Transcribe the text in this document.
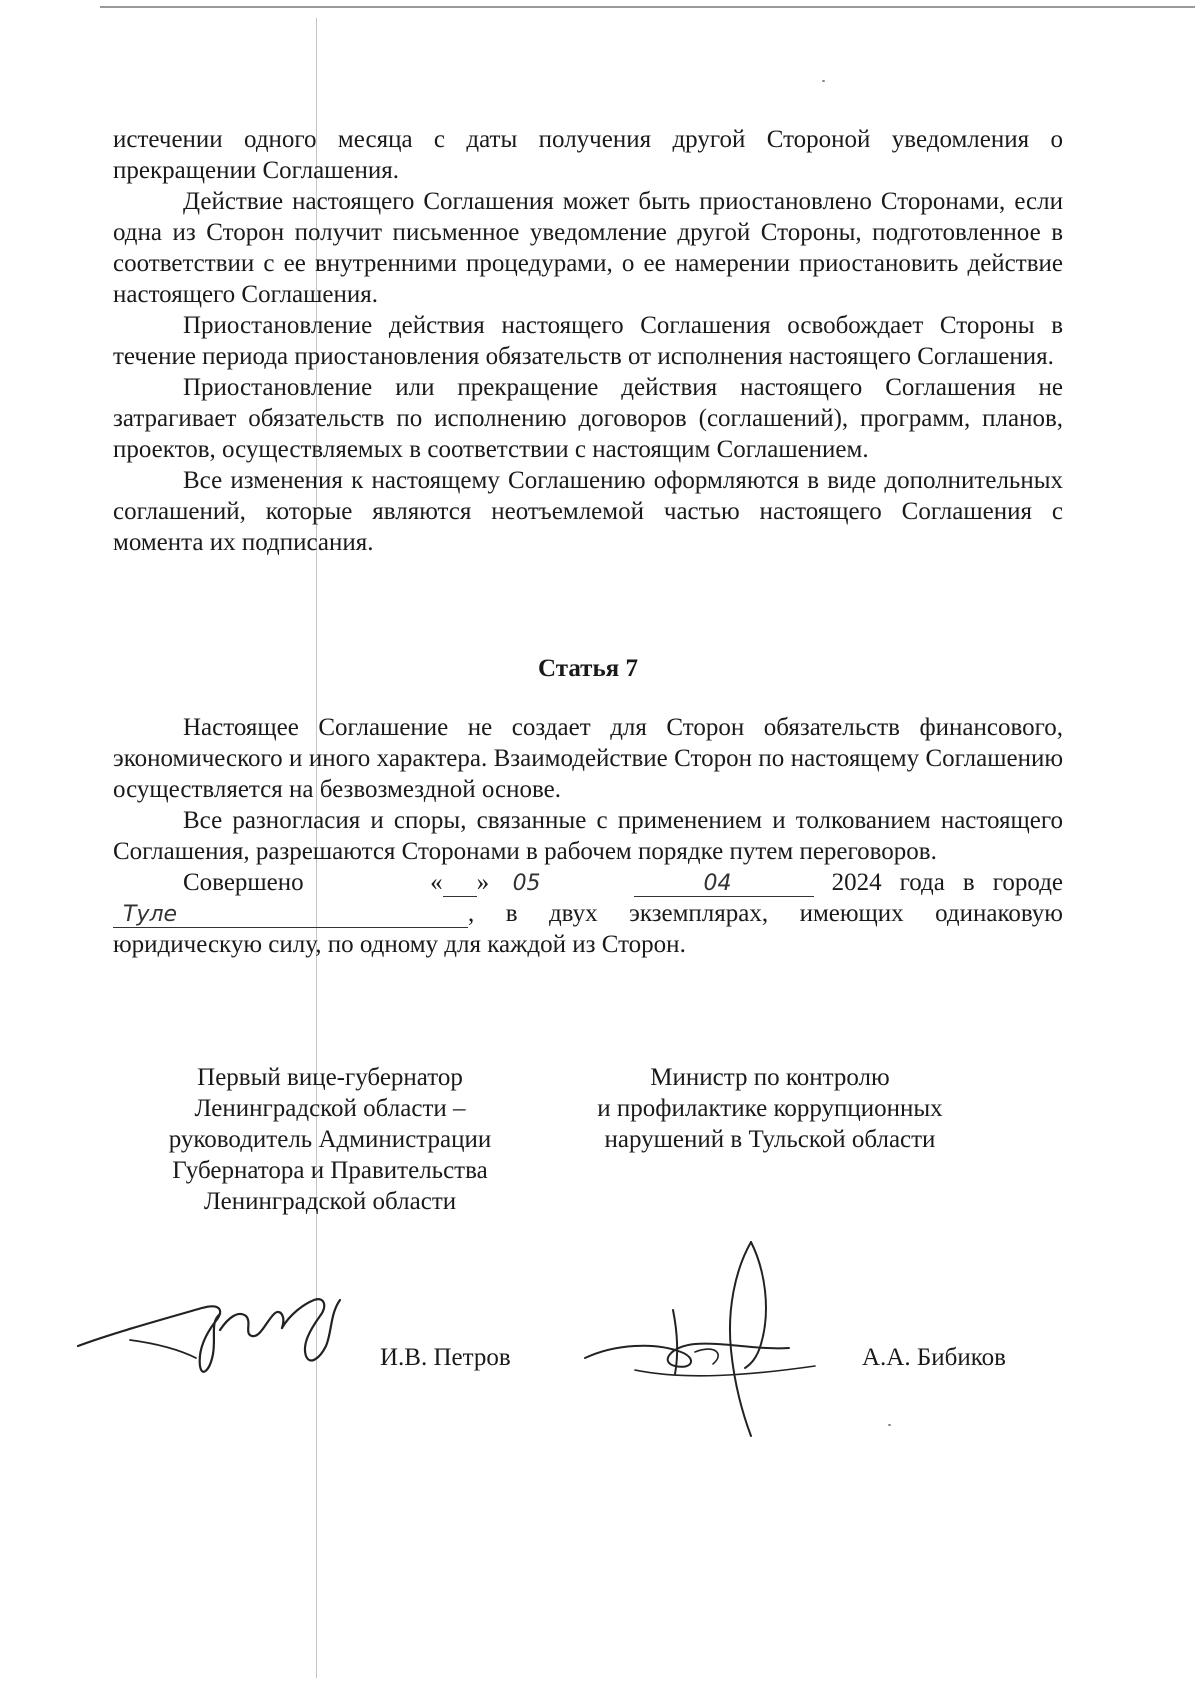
истечении одного месяца с даты получения другой Стороной уведомления о прекращении Соглашения.

Действие настоящего Соглашения может быть приостановлено Сторонами, если одна из Сторон получит письменное уведомление другой Стороны, подготовленное в соответствии с ее внутренними процедурами, о ее намерении приостановить действие настоящего Соглашения.

Приостановление действия настоящего Соглашения освобождает Стороны в течение периода приостановления обязательств от исполнения настоящего Соглашения.

Приостановление или прекращение действия настоящего Соглашения не затрагивает обязательств по исполнению договоров (соглашений), программ, планов, проектов, осуществляемых в соответствии с настоящим Соглашением.

Все изменения к настоящему Соглашению оформляются в виде дополнительных соглашений, которые являются неотъемлемой частью настоящего Соглашения с момента их подписания.

Статья 7

Настоящее Соглашение не создает для Сторон обязательств финансового, экономического и иного характера. Взаимодействие Сторон по настоящему Соглашению осуществляется на безвозмездной основе.

Все разногласия и споры, связанные с применением и толкованием настоящего Соглашения, разрешаются Сторонами в рабочем порядке путем переговоров.

Совершено	«	05»	04	2024 года в городе

Туле	, в двух экземплярах, имеющих одинаковую юридическую силу, по одному для каждой из Сторон.

Первый вице-губернатор
Ленинградской области –
руководитель Администрации
Губернатора и Правительства
Ленинградской области
Министр по контролю
и профилактике коррупционных
нарушений в Тульской области
И.В. Петров	А.А. Бибиков
